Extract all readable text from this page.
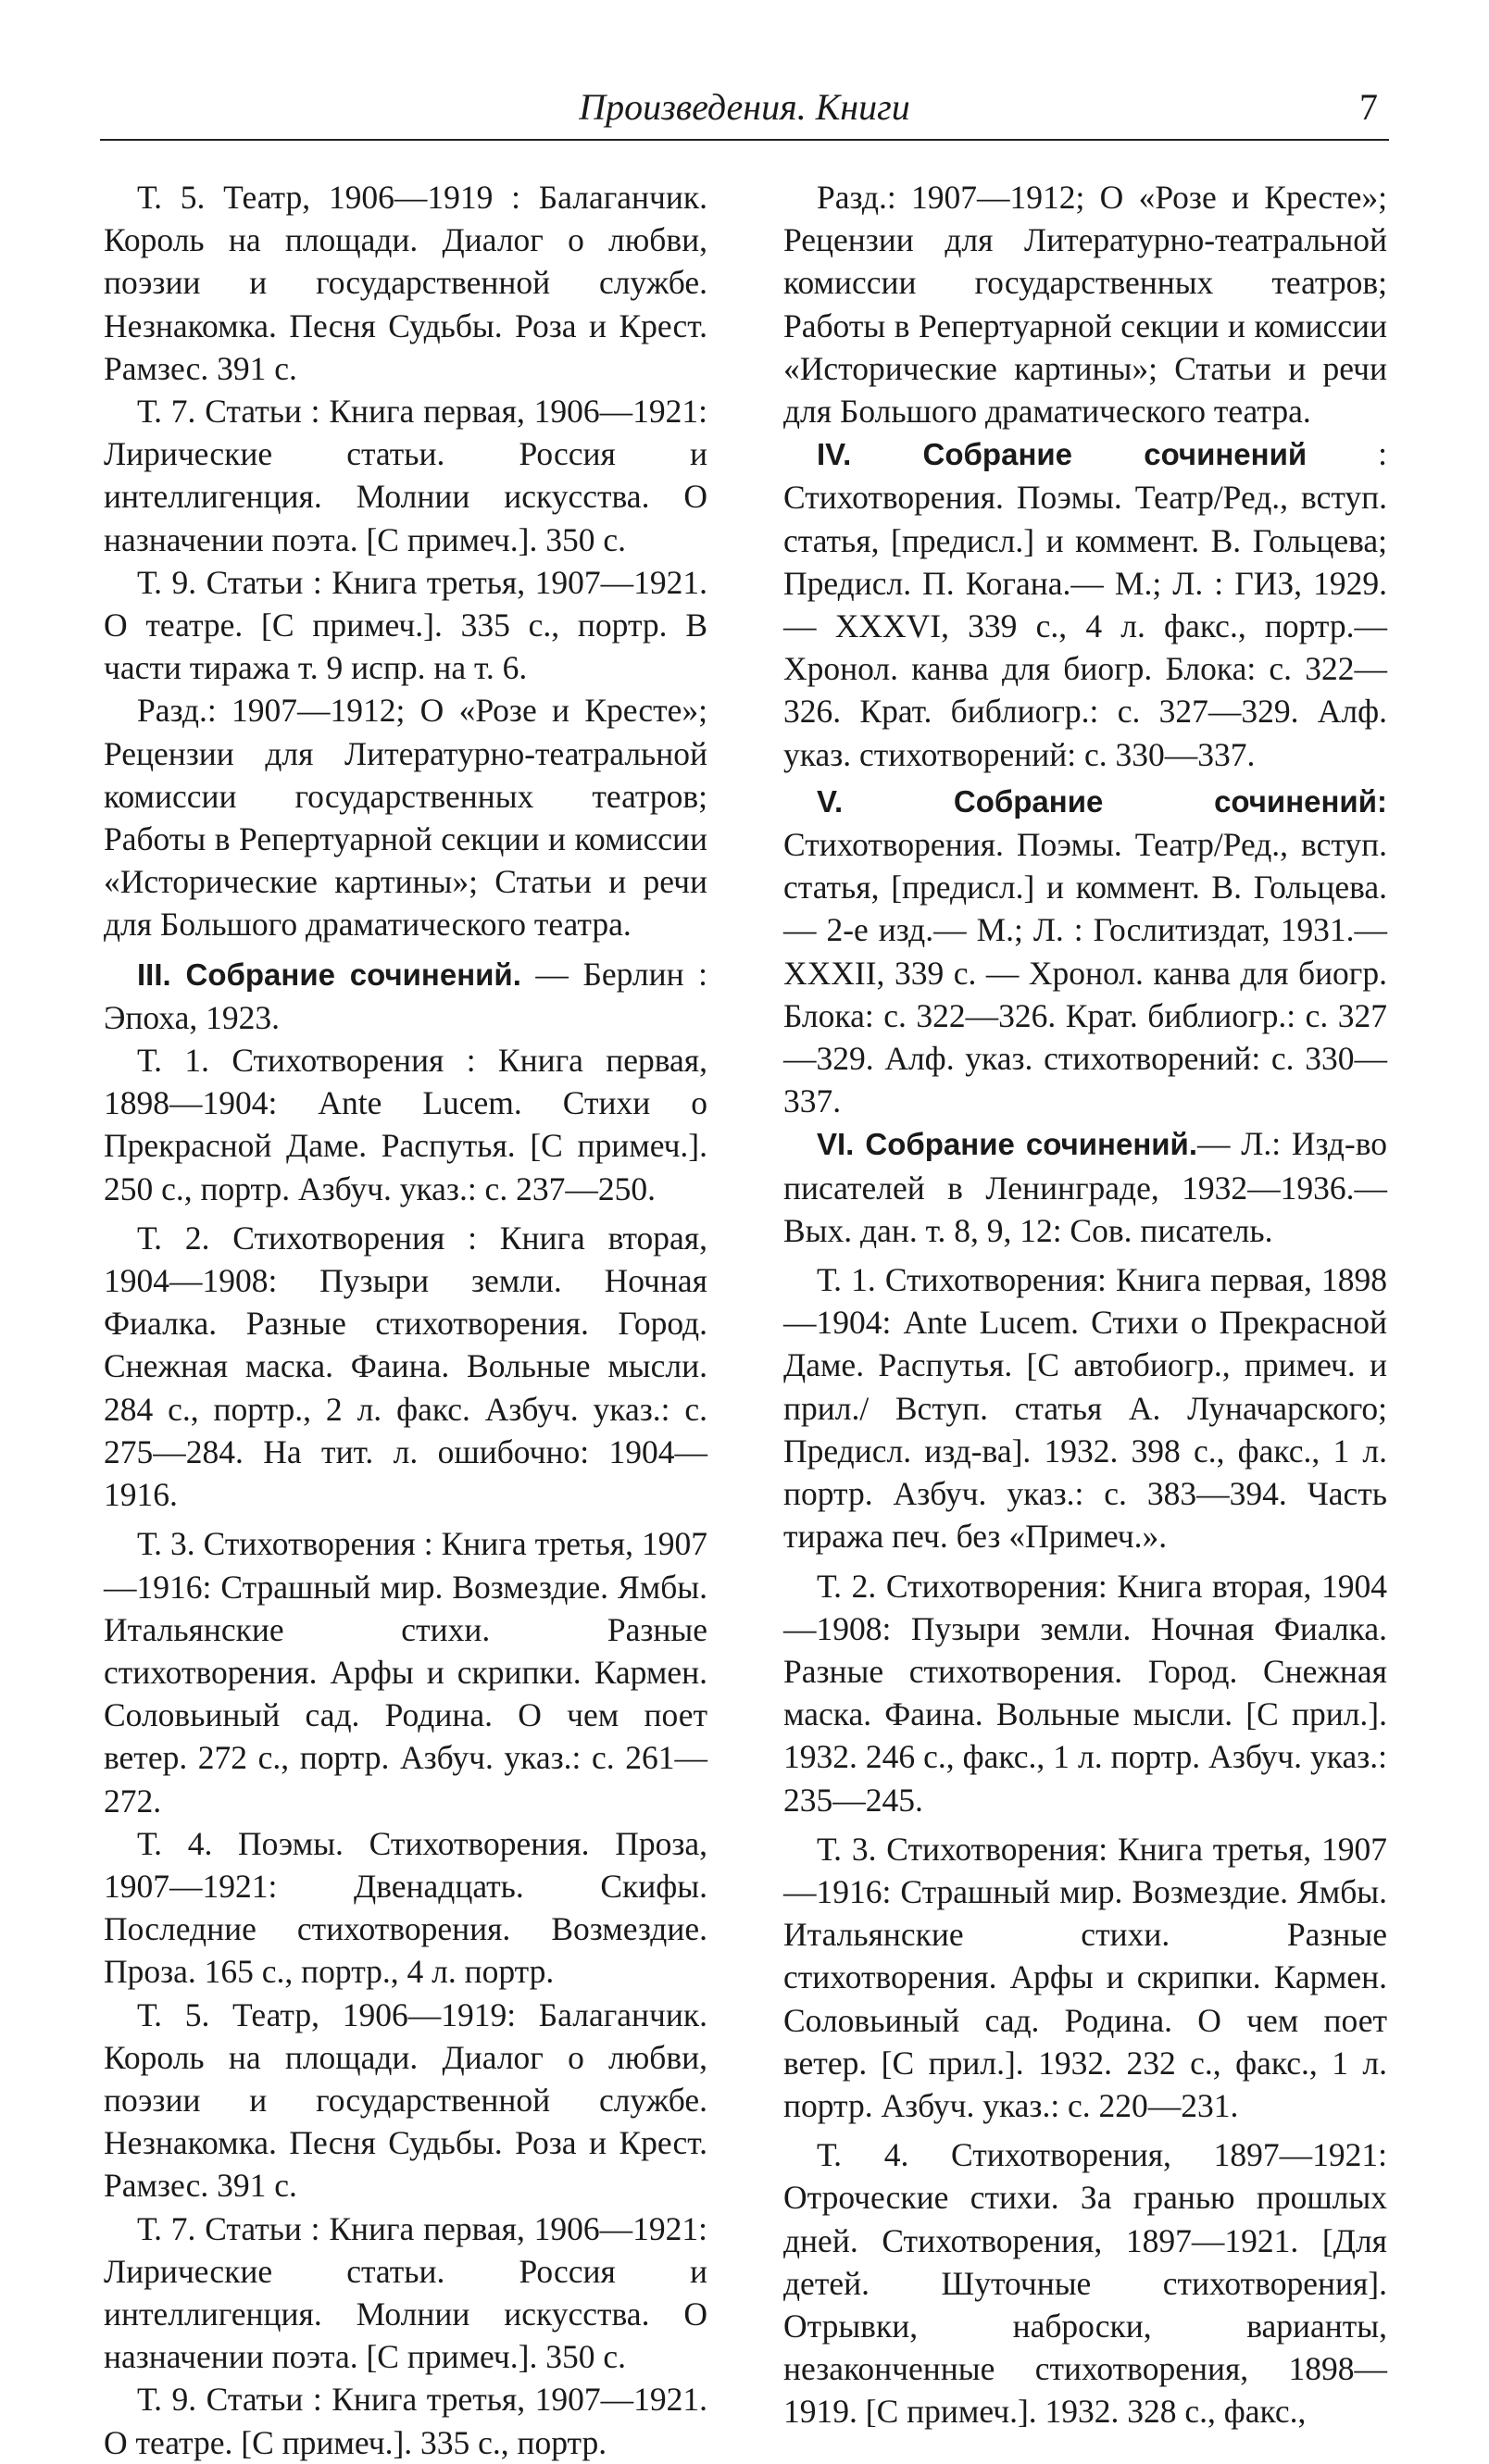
Произведения. Книги	7

Т. 5. Театр, 1906—1919 : Балаганчик. Король на площади. Диалог о любви, поэзии и государственной службе. Незнакомка. Песня Судьбы. Роза и Крест. Рамзес. 391 с.

Т. 7. Статьи : Книга первая, 1906—1921: Лирические статьи. Россия и интеллигенция. Молнии искусства. О назначении поэта. [С примеч.]. 350 с.

Т. 9. Статьи : Книга третья, 1907—1921. О театре. [С примеч.]. 335 с., портр. В части тиража т. 9 испр. на т. 6.

Разд.: 1907—1912; О «Розе и Кресте»; Рецензии для Литературно-театральной комиссии государственных театров; Работы в Репертуарной секции и комиссии «Исторические картины»; Статьи и речи для Большого драматического театра.

III. Собрание сочинений. — Берлин : Эпоха, 1923.

Т. 1. Стихотворения : Книга первая, 1898—1904: Ante Lucem. Стихи о Прекрасной Даме. Распутья. [С примеч.]. 250 с., портр. Азбуч. указ.: с. 237—250.

Т. 2. Стихотворения : Книга вторая, 1904—1908: Пузыри земли. Ночная Фиалка. Разные стихотворения. Город. Снежная маска. Фаина. Вольные мысли. 284 с., портр., 2 л. факс. Азбуч. указ.: с. 275—284. На тит. л. ошибочно: 1904—1916.

Т. 3. Стихотворения : Книга третья, 1907—1916: Страшный мир. Возмездие. Ямбы. Итальянские стихи. Разные стихотворения. Арфы и скрипки. Кармен. Соловьиный сад. Родина. О чем поет ветер. 272 с., портр. Азбуч. указ.: с. 261—272.

Т. 4. Поэмы. Стихотворения. Проза, 1907—1921: Двенадцать. Скифы. Последние стихотворения. Возмездие. Проза. 165 с., портр., 4 л. портр.

Т. 5. Театр, 1906—1919: Балаганчик. Король на площади. Диалог о любви, поэзии и государственной службе. Незнакомка. Песня Судьбы. Роза и Крест. Рамзес. 391 с.

Т. 7. Статьи : Книга первая, 1906—1921: Лирические статьи. Россия и интеллигенция. Молнии искусства. О назначении поэта. [С примеч.]. 350 с.

Т. 9. Статьи : Книга третья, 1907—1921. О театре. [С примеч.]. 335 с., портр.

Разд.: 1907—1912; О «Розе и Кресте»; Рецензии для Литературно-театральной комиссии государственных театров; Работы в Репертуарной секции и комиссии «Исторические картины»; Статьи и речи для Большого драматического театра.

IV. Собрание сочинений : Стихотворения. Поэмы. Театр/Ред., вступ. статья, [предисл.] и коммент. В. Гольцева; Предисл. П. Когана.— М.; Л. : ГИЗ, 1929.— XXXVI, 339 с., 4 л. факс., портр.— Хронол. канва для биогр. Блока: с. 322—326. Крат. библиогр.: с. 327—329. Алф. указ. стихотворений: с. 330—337.

V. Собрание сочинений: Стихотворения. Поэмы. Театр/Ред., вступ. статья, [предисл.] и коммент. В. Гольцева.— 2-е изд.— М.; Л. : Гослитиздат, 1931.— XXXII, 339 с. — Хронол. канва для биогр. Блока: с. 322—326. Крат. библиогр.: с. 327—329. Алф. указ. стихотворений: с. 330—337.

VI. Собрание сочинений.— Л.: Изд-во писателей в Ленинграде, 1932—1936.— Вых. дан. т. 8, 9, 12: Сов. писатель.

Т. 1. Стихотворения: Книга первая, 1898—1904: Ante Lucem. Стихи о Прекрасной Даме. Распутья. [С автобиогр., примеч. и прил./ Вступ. статья А. Луначарского; Предисл. изд-ва]. 1932. 398 с., факс., 1 л. портр. Азбуч. указ.: с. 383—394. Часть тиража печ. без «Примеч.».

Т. 2. Стихотворения: Книга вторая, 1904—1908: Пузыри земли. Ночная Фиалка. Разные стихотворения. Город. Снежная маска. Фаина. Вольные мысли. [С прил.]. 1932. 246 с., факс., 1 л. портр. Азбуч. указ.: 235—245.

Т. 3. Стихотворения: Книга третья, 1907—1916: Страшный мир. Возмездие. Ямбы. Итальянские стихи. Разные стихотворения. Арфы и скрипки. Кармен. Соловьиный сад. Родина. О чем поет ветер. [С прил.]. 1932. 232 с., факс., 1 л. портр. Азбуч. указ.: с. 220—231.

Т. 4. Стихотворения, 1897—1921: Отроческие стихи. За гранью прошлых дней. Стихотворения, 1897—1921. [Для детей. Шуточные стихотворения]. Отрывки, наброски, варианты, незаконченные стихотворения, 1898—1919. [С примеч.]. 1932. 328 с., факс.,
